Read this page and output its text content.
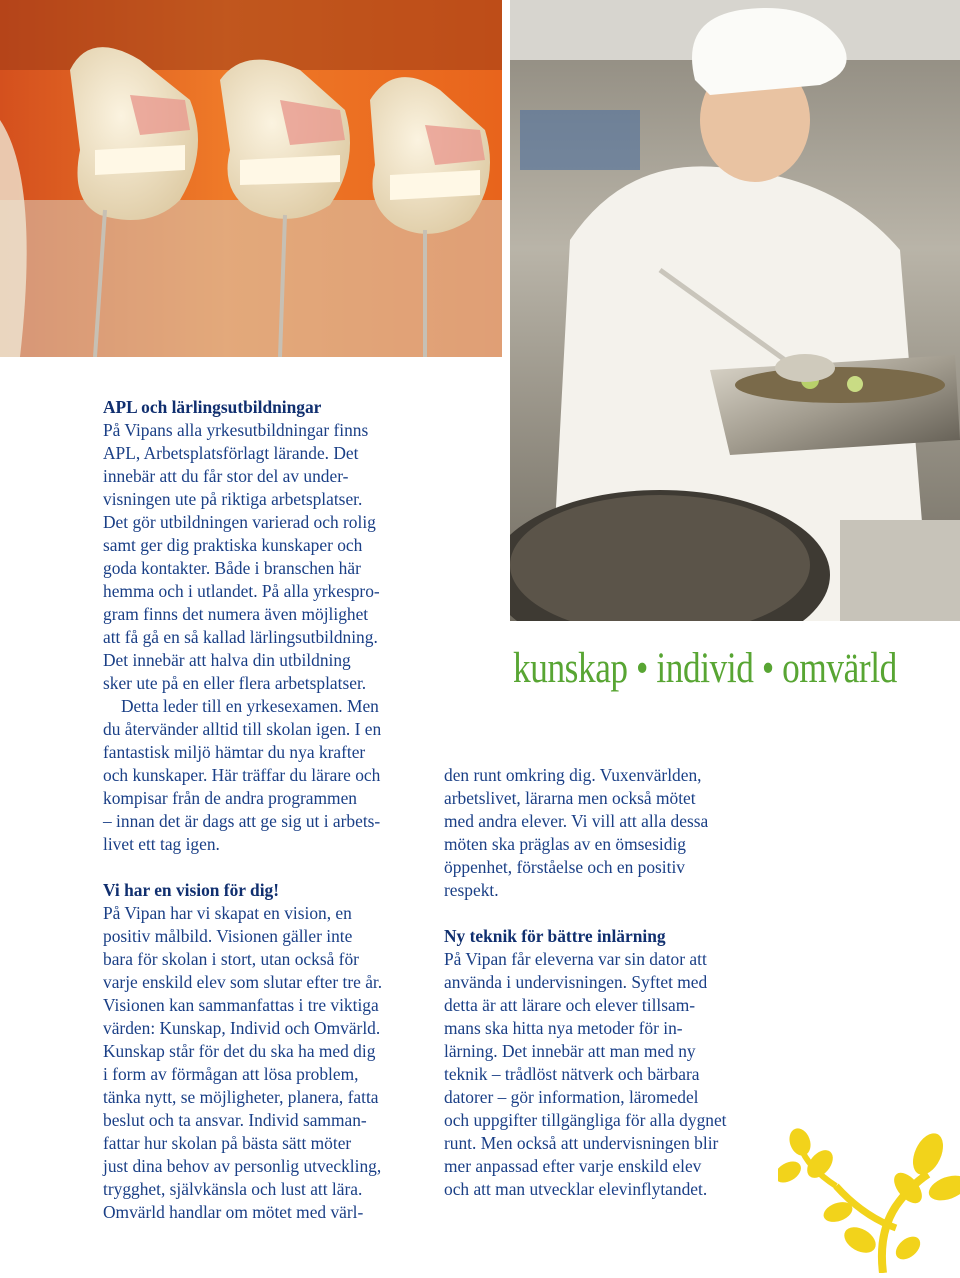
kunskap • individ • omvärld
APL och lärlingsutbildningar

På Vipans alla yrkesutbildningar finns
APL, Arbetsplatsförlagt lärande. Det
innebär att du får stor del av under-
visningen ute på riktiga arbetsplatser.
Det gör utbildningen varierad och rolig
samt ger dig praktiska kunskaper och
goda kontakter. Både i branschen här
hemma och i utlandet. På alla yrkespro-
gram finns det numera även möjlighet
att få gå en så kallad lärlingsutbildning.
Det innebär att halva din utbildning
sker ute på en eller flera arbetsplatser.

Detta leder till en yrkesexamen. Men
du återvänder alltid till skolan igen. I en
fantastisk miljö hämtar du nya krafter
och kunskaper. Här träffar du lärare och
kompisar från de andra programmen
– innan det är dags att ge sig ut i arbets-
livet ett tag igen.

Vi har en vision för dig!

På Vipan har vi skapat en vision, en
positiv målbild. Visionen gäller inte
bara för skolan i stort, utan också för
varje enskild elev som slutar efter tre år.
Visionen kan sammanfattas i tre viktiga
värden: Kunskap, Individ och Omvärld.
Kunskap står för det du ska ha med dig
i form av förmågan att lösa problem,
tänka nytt, se möjligheter, planera, fatta
beslut och ta ansvar. Individ samman-
fattar hur skolan på bästa sätt möter
just dina behov av personlig utveckling,
trygghet, självkänsla och lust att lära.
Omvärld handlar om mötet med värl-

den runt omkring dig. Vuxenvärlden,
arbetslivet, lärarna men också mötet
med andra elever. Vi vill att alla dessa
möten ska präglas av en ömsesidig
öppenhet, förståelse och en positiv
respekt.

Ny teknik för bättre inlärning

På Vipan får eleverna var sin dator att
använda i undervisningen. Syftet med
detta är att lärare och elever tillsam-
mans ska hitta nya metoder för in-
lärning. Det innebär att man med ny
teknik – trådlöst nätverk och bärbara
datorer – gör information, läromedel
och uppgifter tillgängliga för alla dygnet
runt. Men också att undervisningen blir
mer anpassad efter varje enskild elev
och att man utvecklar elevinflytandet.
